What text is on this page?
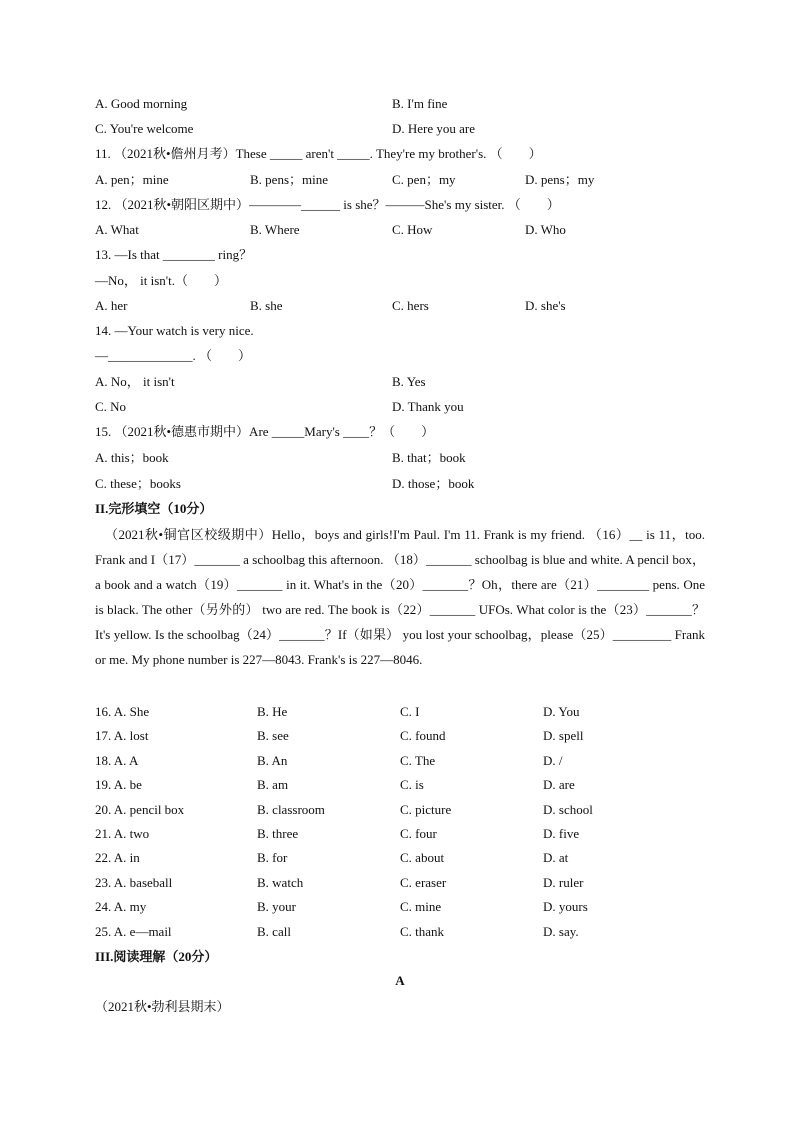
A. Good morning	B. I'm fine
C. You're welcome	D. Here you are
11. （2021秋•儋州月考）These _____ aren't _____. They're my brother's. （　　）
A. pen；mine	B. pens；mine	C. pen；my	D. pens；my
12. （2021秋•朝阳区期中）————______ is she？———She's my sister. （　　）
A. What	B. Where	C. How	D. Who
13. —Is that ________ ring？
—No， it isn't.（　　）
A. her	B. she	C. hers	D. she's
14. —Your watch is very nice.
—_____________. （　　）
A. No， it isn't	B. Yes
C. No	D. Thank you
15. （2021秋•德惠市期中）Are _____Mary's ____？（　　）
A. this；book	B. that；book
C. these；books	D. those；book
II.完形填空（10分）
（2021秋•铜官区校级期中）Hello，boys and girls!I'm Paul. I'm 11. Frank is my friend. （16）__ is 11，too. Frank and I（17）_______ a schoolbag this afternoon. （18）_______ schoolbag is blue and white. A pencil box，a book and a watch（19）_______ in it. What's in the（20）_______？Oh，there are（21）________ pens. One is black. The other（另外的） two are red. The book is（22）_______ UFOs. What color is the（23）_______？It's yellow. Is the schoolbag（24）_______？If（如果） you lost your schoolbag，please（25）_________ Frank or me. My phone number is 227—8043. Frank's is 227—8046.
16. A. She	B. He	C. I	D. You
17. A. lost	B. see	C. found	D. spell
18. A. A	B. An	C. The	D. /
19. A. be	B. am	C. is	D. are
20. A. pencil box	B. classroom	C. picture	D. school
21. A. two	B. three	C. four	D. five
22. A. in	B. for	C. about	D. at
23. A. baseball	B. watch	C. eraser	D. ruler
24. A. my	B. your	C. mine	D. yours
25. A. e—mail	B. call	C. thank	D. say.
III.阅读理解（20分）
A
（2021秋•勃利县期末）
